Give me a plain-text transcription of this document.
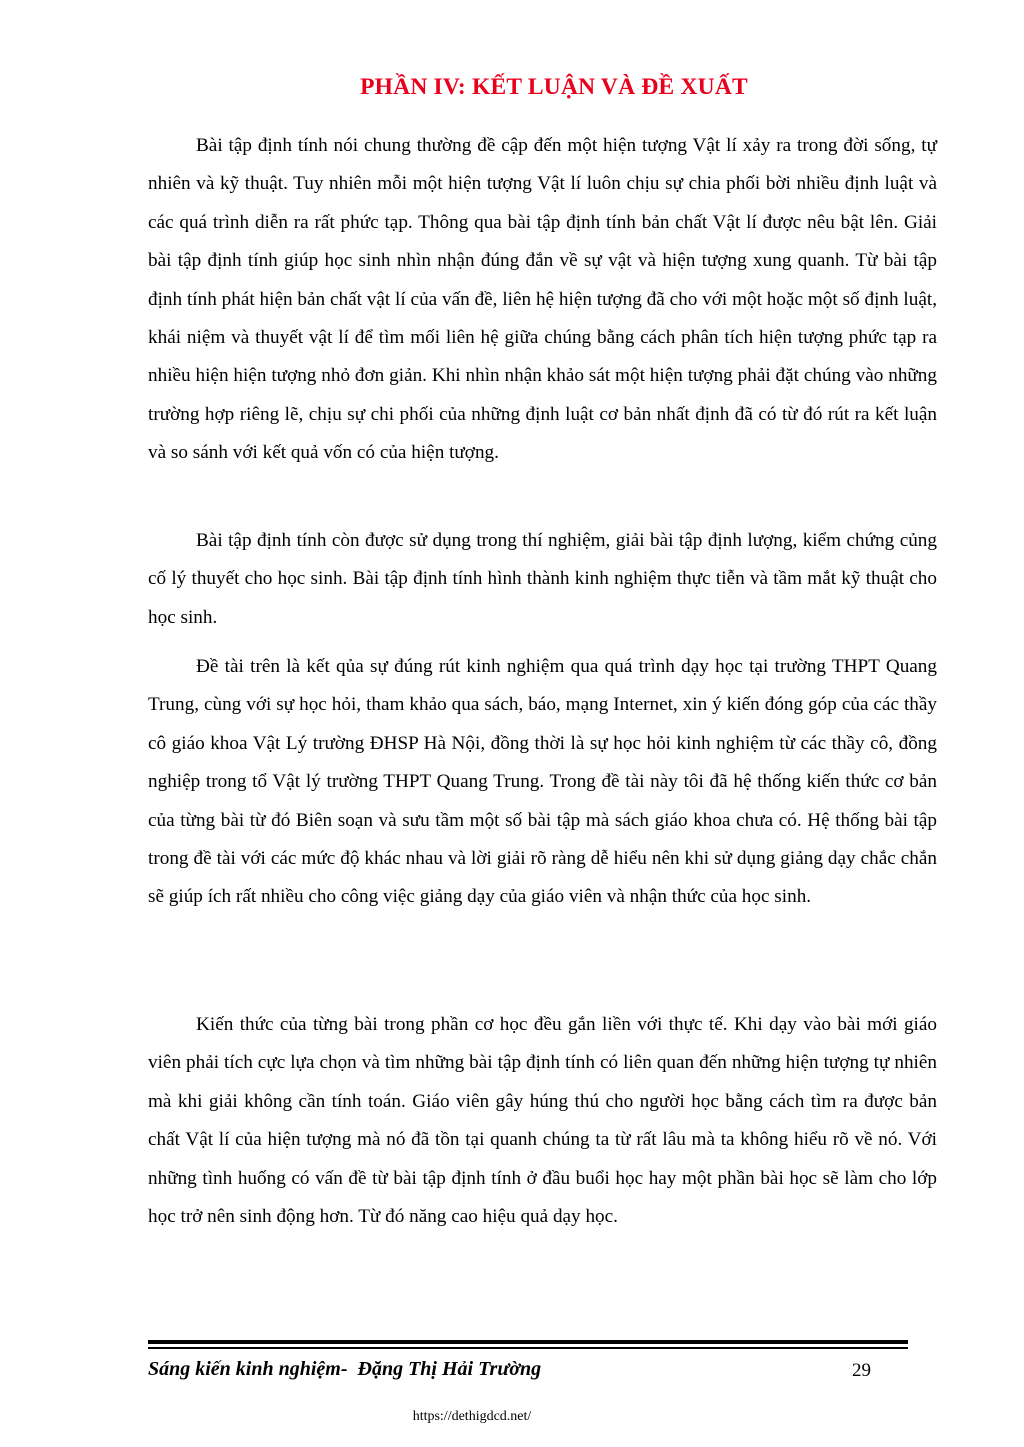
PHẦN IV: KẾT LUẬN VÀ ĐỀ XUẤT

Bài tập định tính nói chung thường đề cập đến một hiện tượng Vật lí xảy ra trong đời sống, tự nhiên và kỹ thuật. Tuy nhiên mỗi một hiện tượng Vật lí luôn chịu sự chia phối bời nhiều định luật và các quá trình diễn ra rất phức tạp. Thông qua bài tập định tính bản chất Vật lí được nêu bật lên. Giải bài tập định tính giúp học sinh nhìn nhận đúng đắn về sự vật và hiện tượng xung quanh. Từ bài tập định tính phát hiện bản chất vật lí của vấn đề, liên hệ hiện tượng đã cho với một hoặc một số định luật, khái niệm và thuyết vật lí để tìm mối liên hệ giữa chúng bằng cách phân tích hiện tượng phức tạp ra nhiều hiện hiện tượng nhỏ đơn giản. Khi nhìn nhận khảo sát một hiện tượng phải đặt chúng vào những trường hợp riêng lẽ, chịu sự chi phối của những định luật cơ bản nhất định đã có từ đó rút ra kết luận và so sánh với kết quả vốn có của hiện tượng.

Bài tập định tính còn được sử dụng trong thí nghiệm, giải bài tập định lượng, kiểm chứng củng cố lý thuyết cho học sinh. Bài tập định tính hình thành kinh nghiệm thực tiễn và tầm mắt kỹ thuật cho học sinh.

Đề tài trên là kết qủa sự đúng rút kinh nghiệm qua quá trình dạy học tại trường THPT Quang Trung, cùng với sự học hỏi, tham khảo qua sách, báo, mạng Internet, xin ý kiến đóng góp của các thầy cô giáo khoa Vật Lý trường ĐHSP Hà Nội, đồng thời là sự học hỏi kinh nghiệm từ các thầy cô, đồng nghiệp trong tổ Vật lý trường THPT Quang Trung. Trong đề tài này tôi đã hệ thống kiến thức cơ bản của từng bài từ đó Biên soạn và sưu tầm một số bài tập mà sách giáo khoa chưa có. Hệ thống bài tập trong đề tài với các mức độ khác nhau và lời giải rõ ràng dễ hiểu nên khi sử dụng giảng dạy chắc chắn sẽ giúp ích rất nhiều cho công việc giảng dạy của giáo viên và nhận thức của học sinh.

Kiến thức của từng bài trong phần cơ học đều gắn liền với thực tế. Khi dạy vào bài mới giáo viên phải tích cực lựa chọn và tìm những bài tập định tính có liên quan đến những hiện tượng tự nhiên mà khi giải không cần tính toán. Giáo viên gây húng thú cho người học bằng cách tìm ra được bản chất Vật lí của hiện tượng mà nó đã tồn tại quanh chúng ta từ rất lâu mà ta không hiểu rõ về nó. Với những tình huống có vấn đề từ bài tập định tính ở đầu buổi học hay một phần bài học sẽ làm cho lớp học trở nên sinh động hơn. Từ đó năng cao hiệu quả dạy học.

Sáng kiến kinh nghiệm-  Đặng Thị Hải Trường	29
https://dethigdcd.net/
